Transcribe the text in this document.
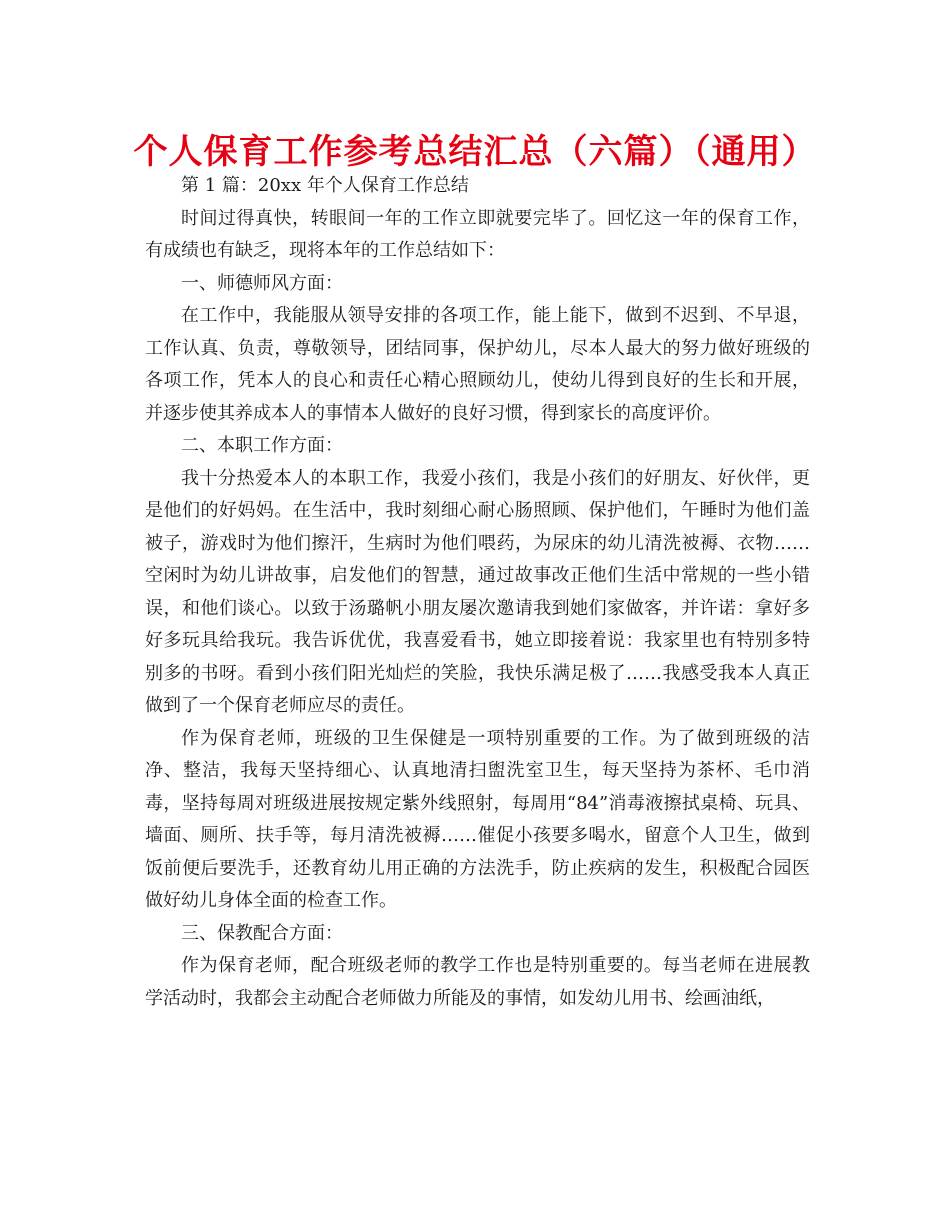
个人保育工作参考总结汇总（六篇）（通用）

第 1 篇：20xx 年个人保育工作总结

时间过得真快，转眼间一年的工作立即就要完毕了。回忆这一年的保育工作，有成绩也有缺乏，现将本年的工作总结如下：

一、师德师风方面：

在工作中，我能服从领导安排的各项工作，能上能下，做到不迟到、不早退，工作认真、负责，尊敬领导，团结同事，保护幼儿，尽本人最大的努力做好班级的各项工作，凭本人的良心和责任心精心照顾幼儿，使幼儿得到良好的生长和开展，并逐步使其养成本人的事情本人做好的良好习惯，得到家长的高度评价。

二、本职工作方面：

我十分热爱本人的本职工作，我爱小孩们，我是小孩们的好朋友、好伙伴，更是他们的好妈妈。在生活中，我时刻细心耐心肠照顾、保护他们，午睡时为他们盖被子，游戏时为他们擦汗，生病时为他们喂药，为尿床的幼儿清洗被褥、衣物……空闲时为幼儿讲故事，启发他们的智慧，通过故事改正他们生活中常规的一些小错误，和他们谈心。以致于汤璐帆小朋友屡次邀请我到她们家做客，并许诺：拿好多好多玩具给我玩。我告诉优优，我喜爱看书，她立即接着说：我家里也有特别多特别多的书呀。看到小孩们阳光灿烂的笑脸，我快乐满足极了……我感受我本人真正做到了一个保育老师应尽的责任。

作为保育老师，班级的卫生保健是一项特别重要的工作。为了做到班级的洁净、整洁，我每天坚持细心、认真地清扫盥洗室卫生，每天坚持为茶杯、毛巾消毒，坚持每周对班级进展按规定紫外线照射，每周用“84”消毒液擦拭桌椅、玩具、墙面、厕所、扶手等，每月清洗被褥……催促小孩要多喝水，留意个人卫生，做到饭前便后要洗手，还教育幼儿用正确的方法洗手，防止疾病的发生，积极配合园医做好幼儿身体全面的检查工作。

三、保教配合方面：

作为保育老师，配合班级老师的教学工作也是特别重要的。每当老师在进展教学活动时，我都会主动配合老师做力所能及的事情，如发幼儿用书、绘画油纸，
